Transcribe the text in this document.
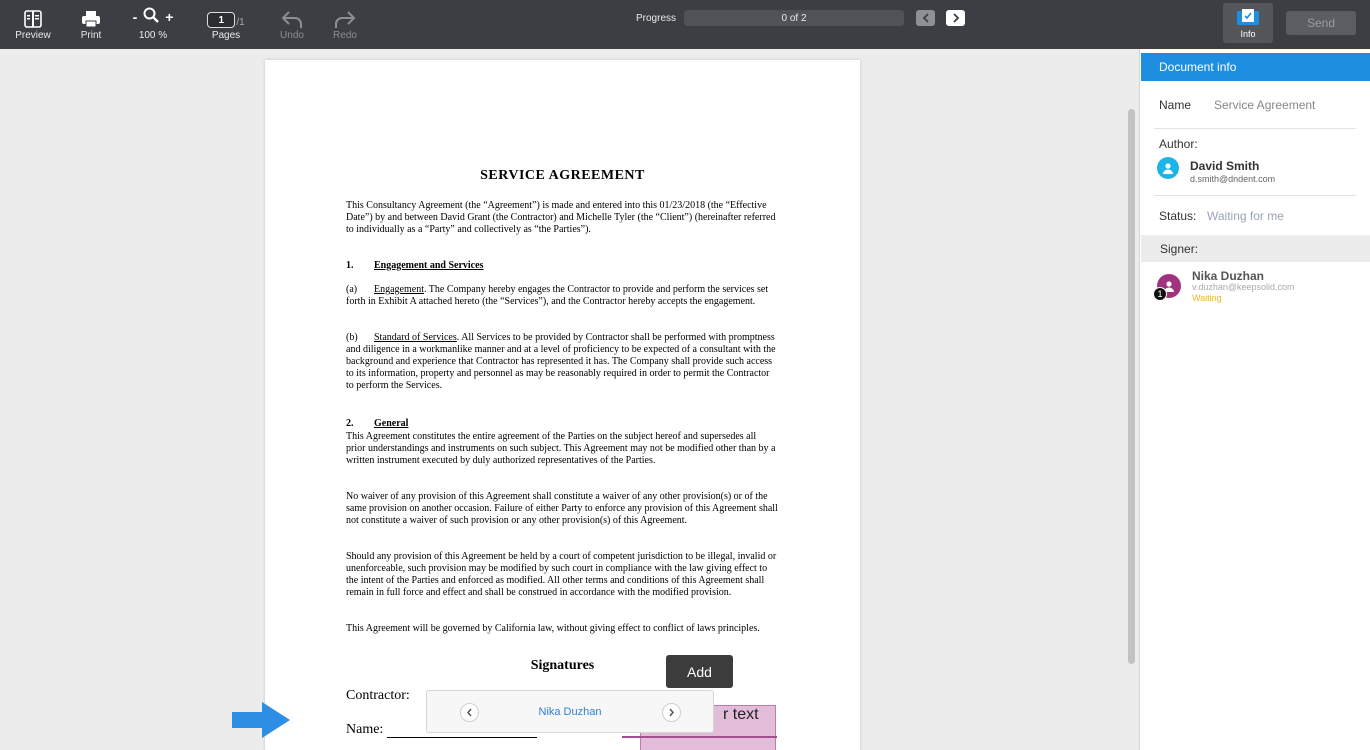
Preview	Print
- +
100 %
1	/1
Pages	Undo	Redo
Progress	0 of 2
Info
Send
SERVICE AGREEMENT
This Consultancy Agreement (the “Agreement”) is made and entered into this 01/23/2018 (the “Effective Date”) by and between David Grant (the Contractor) and Michelle Tyler (the “Client”) (hereinafter referred to individually as a “Party” and collectively as “the Parties”).
1. Engagement and Services
(a) Engagement. The Company hereby engages the Contractor to provide and perform the services set forth in Exhibit A attached hereto (the “Services”), and the Contractor hereby accepts the engagement.
(b) Standard of Services. All Services to be provided by Contractor shall be performed with promptness and diligence in a workmanlike manner and at a level of proficiency to be expected of a consultant with the background and experience that Contractor has represented it has. The Company shall provide such access to its information, property and personnel as may be reasonably required in order to permit the Contractor to perform the Services.
2. General
This Agreement constitutes the entire agreement of the Parties on the subject hereof and supersedes all prior understandings and instruments on such subject. This Agreement may not be modified other than by a written instrument executed by duly authorized representatives of the Parties.
No waiver of any provision of this Agreement shall constitute a waiver of any other provision(s) or of the same provision on another occasion. Failure of either Party to enforce any provision of this Agreement shall not constitute a waiver of such provision or any other provision(s) of this Agreement.
Should any provision of this Agreement be held by a court of competent jurisdiction to be illegal, invalid or unenforceable, such provision may be modified by such court in compliance with the law giving effect to the intent of the Parties and enforced as modified. All other terms and conditions of this Agreement shall remain in full force and effect and shall be construed in accordance with the modified provision.
This Agreement will be governed by California law, without giving effect to conflict of laws principles.
Signatures
Contractor:
Name:
r text
Add
Nika Duzhan
Document info
Name Service Agreement
Author:
David Smith
d.smith@dndent.com
Status: Waiting for me
Signer:
1
Nika Duzhan
v.duzhan@keepsolid.com
Waiting
